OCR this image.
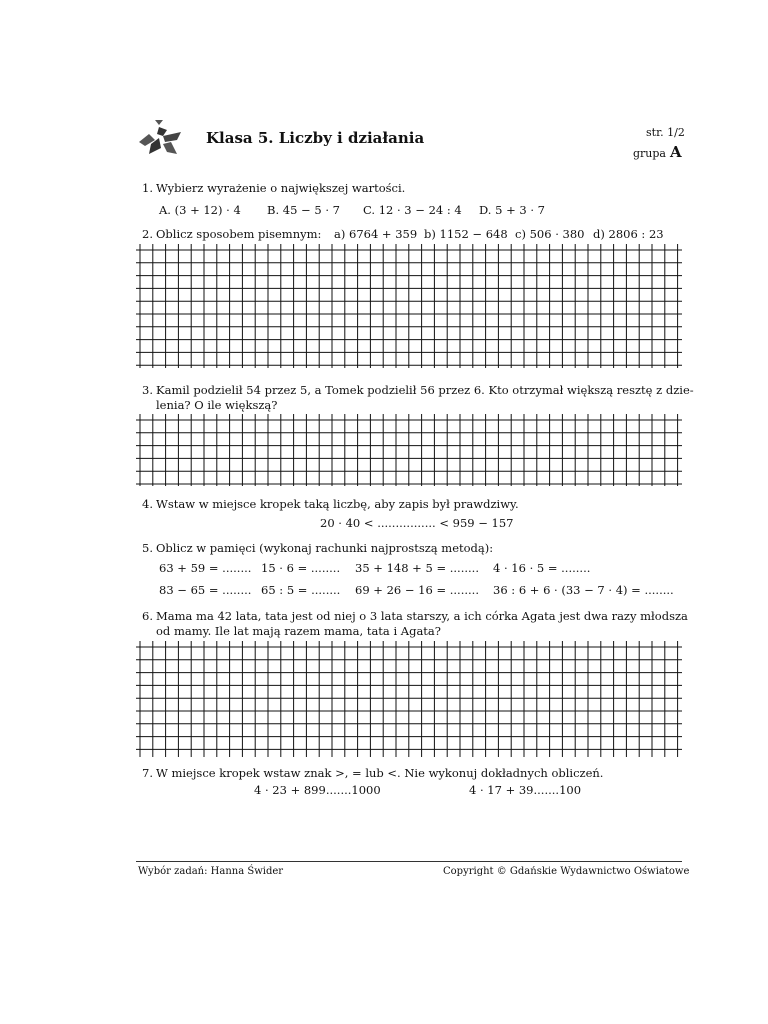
Klasa 5. Liczby i działania	str. 1/2
grupa A
1. Wybierz wyrażenie o największej wartości.
A. (3 + 12) · 4 B. 45 − 5 · 7 C. 12 · 3 − 24 : 4 D. 5 + 3 · 7
2. Oblicz sposobem pisemnym: a) 6764 + 359 b) 1152 − 648 c) 506 · 380 d) 2806 : 23
3. Kamil podzielił 54 przez 5, a Tomek podzielił 56 przez 6. Kto otrzymał większą resztę z dzie-
lenia? O ile większą?
4. Wstaw w miejsce kropek taką liczbę, aby zapis był prawdziwy.
20 · 40 < ................ < 959 − 157
5. Oblicz w pamięci (wykonaj rachunki najprostszą metodą):
63 + 59 = ........ 15 · 6 = ........ 35 + 148 + 5 = ........ 4 · 16 · 5 = ........
83 − 65 = ........ 65 : 5 = ........ 69 + 26 − 16 = ........ 36 : 6 + 6 · (33 − 7 · 4) = ........
6. Mama ma 42 lata, tata jest od niej o 3 lata starszy, a ich córka Agata jest dwa razy młodsza
od mamy. Ile lat mają razem mama, tata i Agata?
7. W miejsce kropek wstaw znak >, = lub <. Nie wykonuj dokładnych obliczeń.
4 · 23 + 899.......1000	4 · 17 + 39.......100
Wybór zadań: Hanna Świder	Copyright © Gdańskie Wydawnictwo Oświatowe
